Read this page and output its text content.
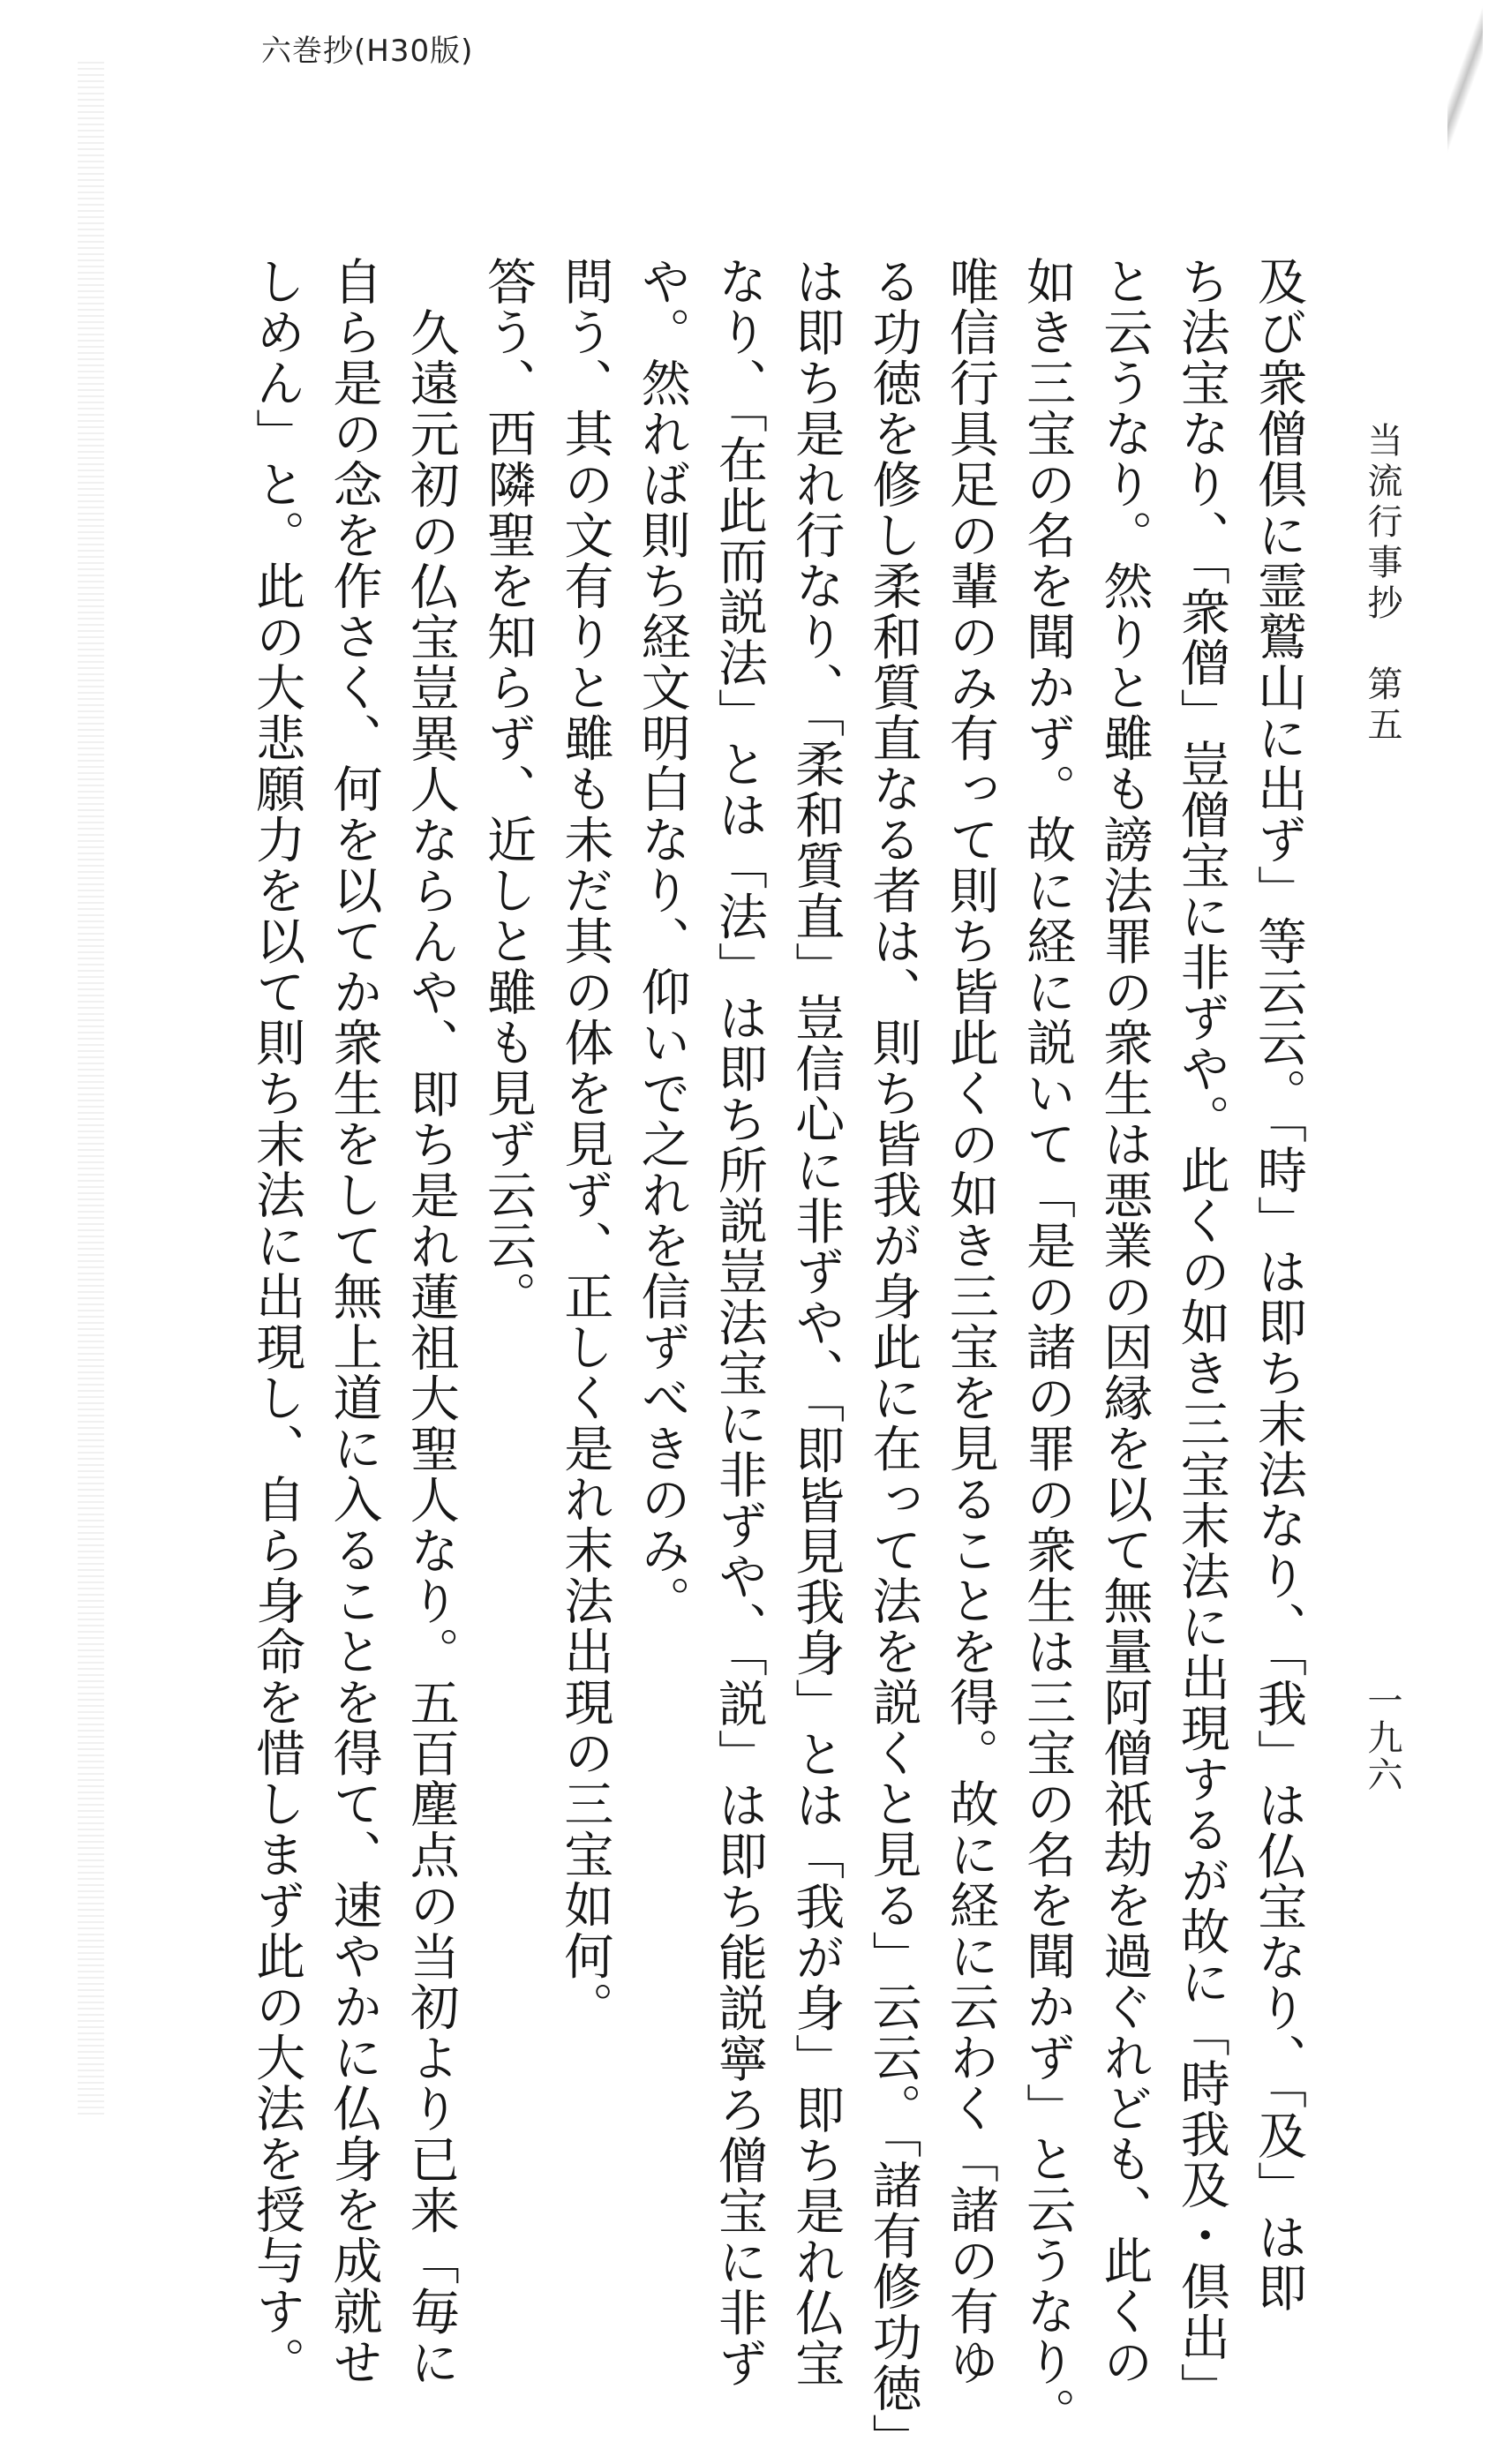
六巻抄(H30版)
当流行事抄　第五
一九六
及び衆僧倶に霊鷲山に出ず」等云云。「時」は即ち末法なり、「我」は仏宝なり、「及」は即
ち法宝なり、「衆僧」豈僧宝に非ずや。此くの如き三宝末法に出現するが故に「時我及・倶出」
と云うなり。然りと雖も謗法罪の衆生は悪業の因縁を以て無量阿僧祇劫を過ぐれども、此くの
如き三宝の名を聞かず。故に経に説いて「是の諸の罪の衆生は三宝の名を聞かず」と云うなり。
唯信行具足の輩のみ有って則ち皆此くの如き三宝を見ることを得。故に経に云わく「諸の有ゆ
る功徳を修し柔和質直なる者は、則ち皆我が身此に在って法を説くと見る」云云。「諸有修功徳」
は即ち是れ行なり、「柔和質直」豈信心に非ずや、「即皆見我身」とは「我が身」即ち是れ仏宝
なり、「在此而説法」とは「法」は即ち所説豈法宝に非ずや、「説」は即ち能説寧ろ僧宝に非ず
や。然れば則ち経文明白なり、仰いで之れを信ずべきのみ。
問う、其の文有りと雖も未だ其の体を見ず、正しく是れ末法出現の三宝如何。
答う、西隣聖を知らず、近しと雖も見ず云云。
久遠元初の仏宝豈異人ならんや、即ち是れ蓮祖大聖人なり。五百塵点の当初より已来「毎に
自ら是の念を作さく、何を以てか衆生をして無上道に入ることを得て、速やかに仏身を成就せ
しめん」と。此の大悲願力を以て則ち末法に出現し、自ら身命を惜しまず此の大法を授与す。
